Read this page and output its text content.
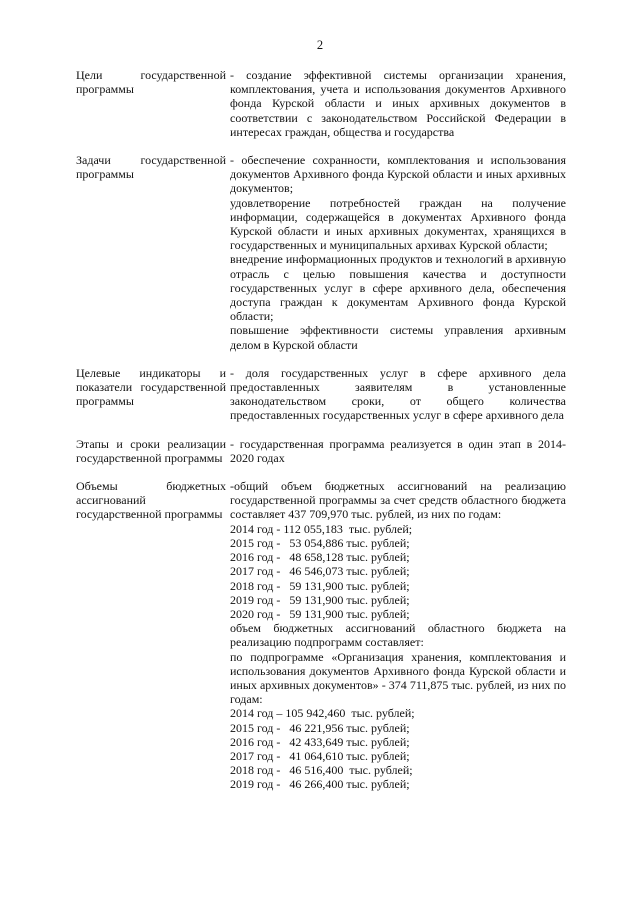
2
Цели государственной программы

- создание эффективной системы организации хранения, комплектования, учета и использования документов Архивного фонда Курской области и иных архивных документов в соответствии с законодательством Российской Федерации в интересах граждан, общества и государства

Задачи государственной программы

- обеспечение сохранности, комплектования и использования документов Архивного фонда Курской области и иных архивных документов;

удовлетворение потребностей граждан на получение информации, содержащейся в документах Архивного фонда Курской области и иных архивных документах, хранящихся в государственных и муниципальных архивах Курской области;

внедрение информационных продуктов и технологий в архивную отрасль с целью повышения качества и доступности государственных услуг в сфере архивного дела, обеспечения доступа граждан к документам Архивного фонда Курской области;

повышение эффективности системы управления архивным делом в Курской области

Целевые индикаторы и показатели государственной программы

- доля государственных услуг в сфере архивного дела предоставленных заявителям в установленные законодательством сроки, от общего количества предоставленных государственных услуг в сфере архивного дела

Этапы и сроки реализации государственной программы

- государственная программа реализуется в один этап в 2014-2020 годах

Объемы бюджетных ассигнований государственной программы

-общий объем бюджетных ассигнований на реализацию государственной программы за счет средств областного бюджета составляет 437 709,970 тыс. рублей, из них по годам:

2014 год - 112 055,183  тыс. рублей;

2015 год -   53 054,886 тыс. рублей;

2016 год -   48 658,128 тыс. рублей;

2017 год -   46 546,073 тыс. рублей;

2018 год -   59 131,900 тыс. рублей;

2019 год -   59 131,900 тыс. рублей;

2020 год -   59 131,900 тыс. рублей;

объем бюджетных ассигнований областного бюджета на реализацию подпрограмм составляет:

по подпрограмме «Организация хранения, комплектования и использования документов Архивного фонда Курской области и иных архивных документов» - 374 711,875 тыс. рублей, из них по годам:

2014 год – 105 942,460  тыс. рублей;

2015 год -   46 221,956 тыс. рублей;

2016 год -   42 433,649 тыс. рублей;

2017 год -   41 064,610 тыс. рублей;

2018 год -   46 516,400  тыс. рублей;

2019 год -   46 266,400 тыс. рублей;
